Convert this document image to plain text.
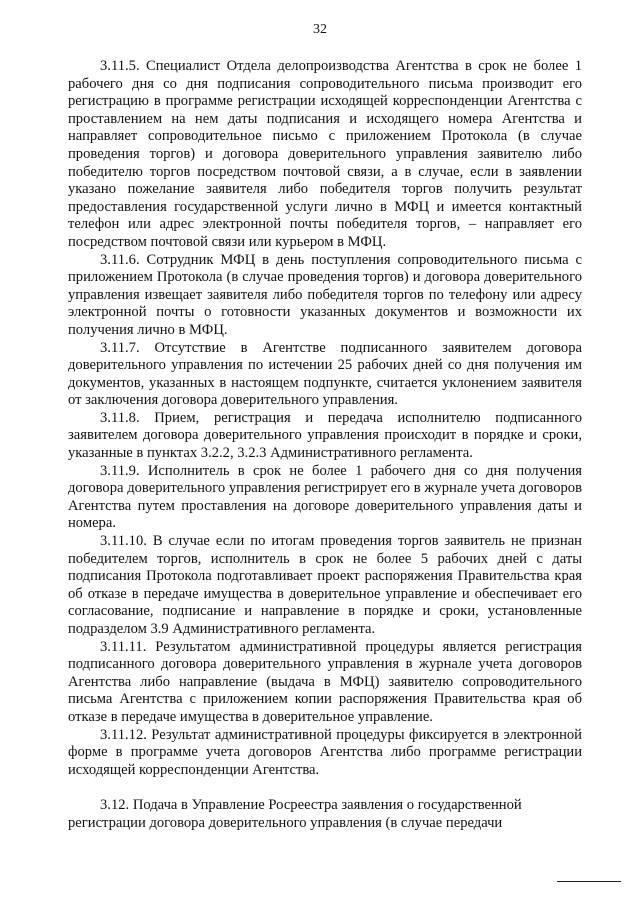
32

3.11.5. Специалист Отдела делопроизводства Агентства в срок не более 1 рабочего дня со дня подписания сопроводительного письма производит его регистрацию в программе регистрации исходящей корреспонденции Агентства с проставлением на нем даты подписания и исходящего номера Агентства и направляет сопроводительное письмо с приложением Протокола (в случае проведения торгов) и договора доверительного управления заявителю либо победителю торгов посредством почтовой связи, а в случае, если в заявлении указано пожелание заявителя либо победителя торгов получить результат предоставления государственной услуги лично в МФЦ и имеется контактный телефон или адрес электронной почты победителя торгов, – направляет его посредством почтовой связи или курьером в МФЦ.

3.11.6. Сотрудник МФЦ в день поступления сопроводительного письма с приложением Протокола (в случае проведения торгов) и договора доверительного управления извещает заявителя либо победителя торгов по телефону или адресу электронной почты о готовности указанных документов и возможности их получения лично в МФЦ.

3.11.7. Отсутствие в Агентстве подписанного заявителем договора доверительного управления по истечении 25 рабочих дней со дня получения им документов, указанных в настоящем подпункте, считается уклонением заявителя от заключения договора доверительного управления.

3.11.8. Прием, регистрация и передача исполнителю подписанного заявителем договора доверительного управления происходит в порядке и сроки, указанные в пунктах 3.2.2, 3.2.3 Административного регламента.

3.11.9. Исполнитель в срок не более 1 рабочего дня со дня получения договора доверительного управления регистрирует его в журнале учета договоров Агентства путем проставления на договоре доверительного управления даты и номера.

3.11.10. В случае если по итогам проведения торгов заявитель не признан победителем торгов, исполнитель в срок не более 5 рабочих дней с даты подписания Протокола подготавливает проект распоряжения Правительства края об отказе в передаче имущества в доверительное управление и обеспечивает его согласование, подписание и направление в порядке и сроки, установленные подразделом 3.9 Административного регламента.

3.11.11. Результатом административной процедуры является регистрация подписанного договора доверительного управления в журнале учета договоров Агентства либо направление (выдача в МФЦ) заявителю сопроводительного письма Агентства с приложением копии распоряжения Правительства края об отказе в передаче имущества в доверительное управление.

3.11.12. Результат административной процедуры фиксируется в электронной форме в программе учета договоров Агентства либо программе регистрации исходящей корреспонденции Агентства.

3.12. Подача в Управление Росреестра заявления о государственной регистрации договора доверительного управления (в случае передачи
